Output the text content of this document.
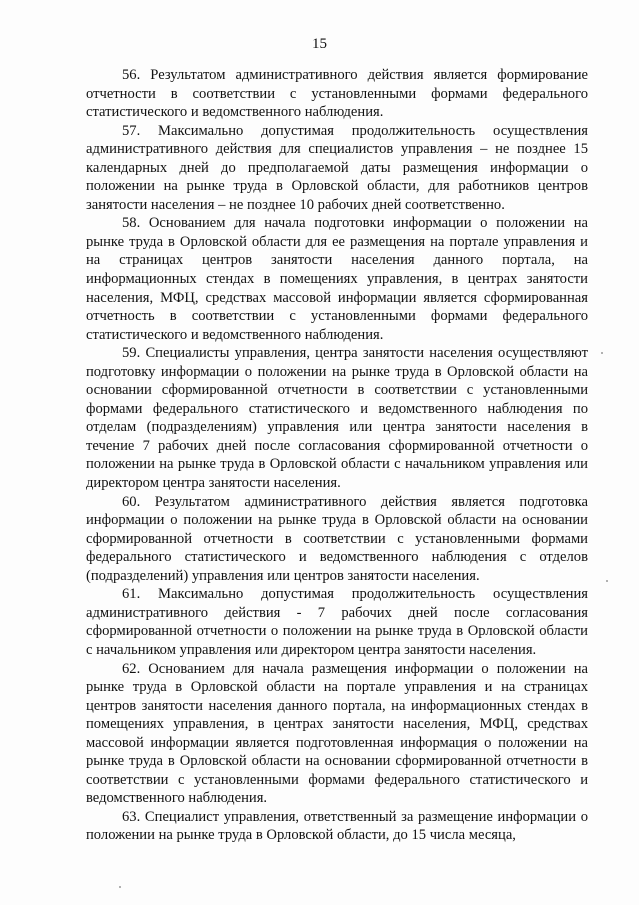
15

56. Результатом административного действия является формирование отчетности в соответствии с установленными формами федерального статистического и ведомственного наблюдения.

57. Максимально допустимая продолжительность осуществления административного действия для специалистов управления – не позднее 15 календарных дней до предполагаемой даты размещения информации о положении на рынке труда в Орловской области, для работников центров занятости населения – не позднее 10 рабочих дней соответственно.

58. Основанием для начала подготовки информации о положении на рынке труда в Орловской области для ее размещения на портале управления и на страницах центров занятости населения данного портала, на информационных стендах в помещениях управления, в центрах занятости населения, МФЦ, средствах массовой информации является сформированная отчетность в соответствии с установленными формами федерального статистического и ведомственного наблюдения.

59. Специалисты управления, центра занятости населения осуществляют подготовку информации о положении на рынке труда в Орловской области на основании сформированной отчетности в соответствии с установленными формами федерального статистического и ведомственного наблюдения по отделам (подразделениям) управления или центра занятости населения в течение 7 рабочих дней после согласования сформированной отчетности о положении на рынке труда в Орловской области с начальником управления или директором центра занятости населения.

60. Результатом административного действия является подготовка информации о положении на рынке труда в Орловской области на основании сформированной отчетности в соответствии с установленными формами федерального статистического и ведомственного наблюдения с отделов (подразделений) управления или центров занятости населения.

61. Максимально допустимая продолжительность осуществления административного действия - 7 рабочих дней после согласования сформированной отчетности о положении на рынке труда в Орловской области с начальником управления или директором центра занятости населения.

62. Основанием для начала размещения информации о положении на рынке труда в Орловской области на портале управления и на страницах центров занятости населения данного портала, на информационных стендах в помещениях управления, в центрах занятости населения, МФЦ, средствах массовой информации является подготовленная информация о положении на рынке труда в Орловской области на основании сформированной отчетности в соответствии с установленными формами федерального статистического и ведомственного наблюдения.

63. Специалист управления, ответственный за размещение информации о положении на рынке труда в Орловской области, до 15 числа месяца,
